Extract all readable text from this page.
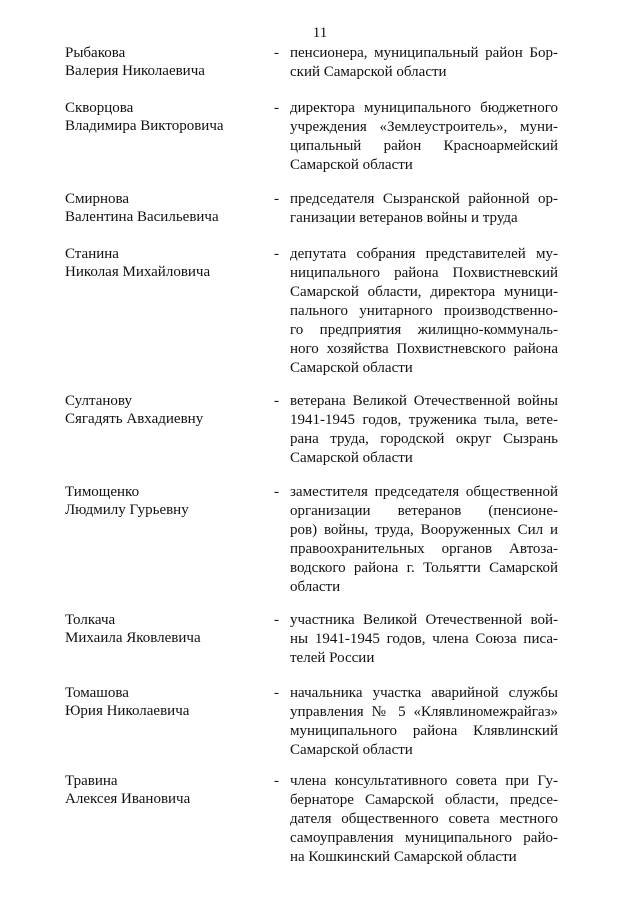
11
Рыбакова
Валерия Николаевича
- пенсионера, муниципальный район Бор-
ский Самарской области
Скворцова
Владимира Викторовича
- директора муниципального бюджетного
учреждения «Землеустроитель», муни-
ципальный район Красноармейский
Самарской области
Смирнова
Валентина Васильевича
- председателя Сызранской районной ор-
ганизации ветеранов войны и труда
Станина
Николая Михайловича
- депутата собрания представителей му-
ниципального района Похвистневский
Самарской области, директора муници-
пального унитарного производственно-
го предприятия жилищно-коммуналь-
ного хозяйства Похвистневского района
Самарской области
Султанову
Сягадять Авхадиевну
- ветерана Великой Отечественной войны
1941-1945 годов, труженика тыла, вете-
рана труда, городской округ Сызрань
Самарской области
Тимощенко
Людмилу Гурьевну
- заместителя председателя общественной
организации ветеранов (пенсионе-
ров) войны, труда, Вооруженных Сил и
правоохранительных органов Автоза-
водского района г. Тольятти Самарской
области
Толкача
Михаила Яковлевича
- участника Великой Отечественной вой-
ны 1941-1945 годов, члена Союза писа-
телей России
Томашова
Юрия Николаевича
- начальника участка аварийной службы
управления № 5 «Клявлиномежрайгаз»
муниципального района Клявлинский
Самарской области
Травина
Алексея Ивановича
- члена консультативного совета при Гу-
бернаторе Самарской области, предсе-
дателя общественного совета местного
самоуправления муниципального райо-
на Кошкинский Самарской области
